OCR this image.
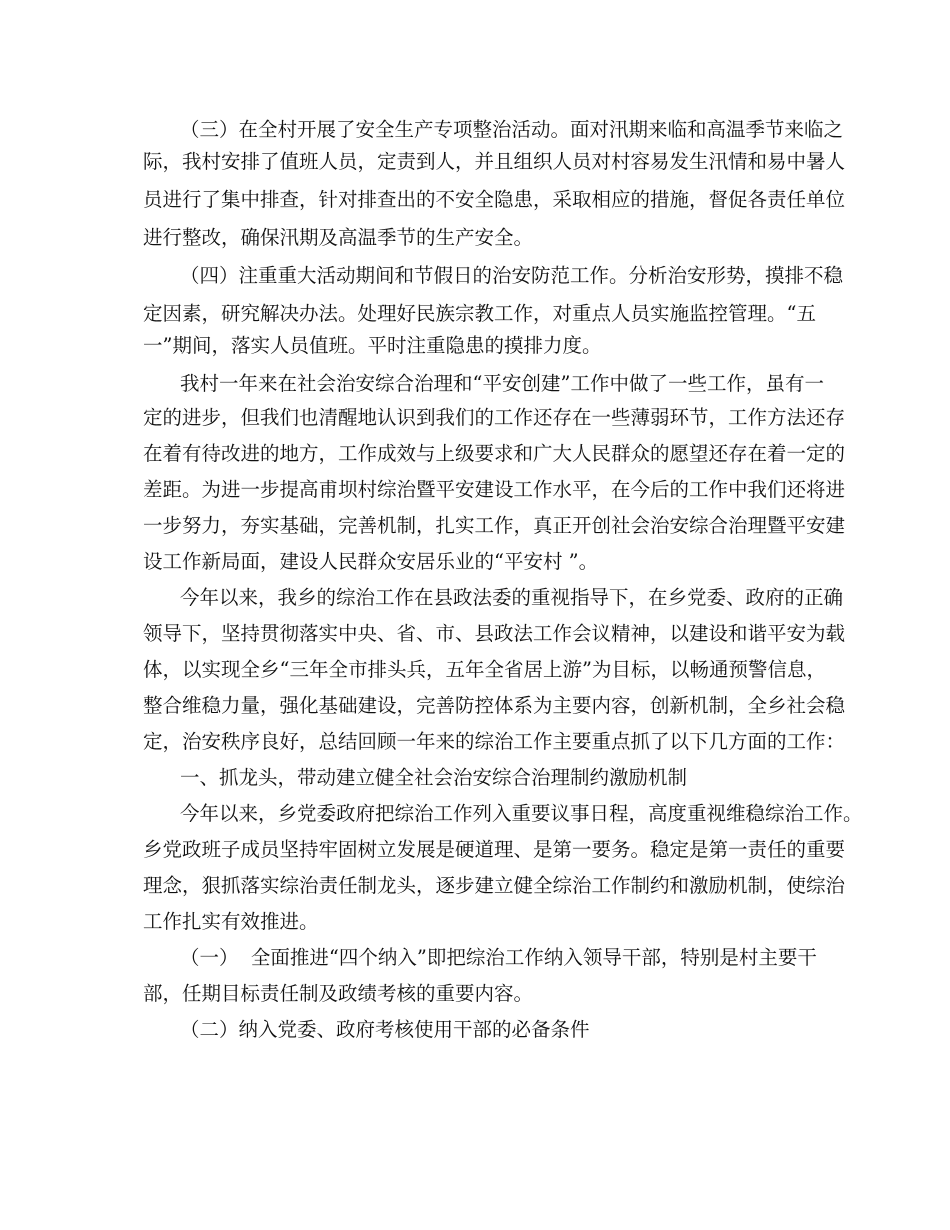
（三）在全村开展了安全生产专项整治活动。面对汛期来临和高温季节来临之

际，我村安排了值班人员，定责到人，并且组织人员对村容易发生汛情和易中暑人

员进行了集中排查，针对排查出的不安全隐患，采取相应的措施，督促各责任单位

进行整改，确保汛期及高温季节的生产安全。

（四）注重重大活动期间和节假日的治安防范工作。分析治安形势，摸排不稳

定因素，研究解决办法。处理好民族宗教工作，对重点人员实施监控管理。“五

一”期间，落实人员值班。平时注重隐患的摸排力度。

我村一年来在社会治安综合治理和“平安创建”工作中做了一些工作，虽有一

定的进步，但我们也清醒地认识到我们的工作还存在一些薄弱环节，工作方法还存

在着有待改进的地方，工作成效与上级要求和广大人民群众的愿望还存在着一定的

差距。为进一步提高甫坝村综治暨平安建设工作水平，在今后的工作中我们还将进

一步努力，夯实基础，完善机制，扎实工作，真正开创社会治安综合治理暨平安建

设工作新局面，建设人民群众安居乐业的“平安村 ”。

今年以来，我乡的综治工作在县政法委的重视指导下，在乡党委、政府的正确

领导下，坚持贯彻落实中央、省、市、县政法工作会议精神，以建设和谐平安为载

体，以实现全乡“三年全市排头兵，五年全省居上游”为目标，以畅通预警信息，

整合维稳力量，强化基础建设，完善防控体系为主要内容，创新机制，全乡社会稳

定，治安秩序良好，总结回顾一年来的综治工作主要重点抓了以下几方面的工作：

一、抓龙头，带动建立健全社会治安综合治理制约激励机制

今年以来，乡党委政府把综治工作列入重要议事日程，高度重视维稳综治工作。

乡党政班子成员坚持牢固树立发展是硬道理、是第一要务。稳定是第一责任的重要

理念，狠抓落实综治责任制龙头，逐步建立健全综治工作制约和激励机制，使综治

工作扎实有效推进。

（一）  全面推进“四个纳入”即把综治工作纳入领导干部，特别是村主要干

部，任期目标责任制及政绩考核的重要内容。

（二）纳入党委、政府考核使用干部的必备条件
